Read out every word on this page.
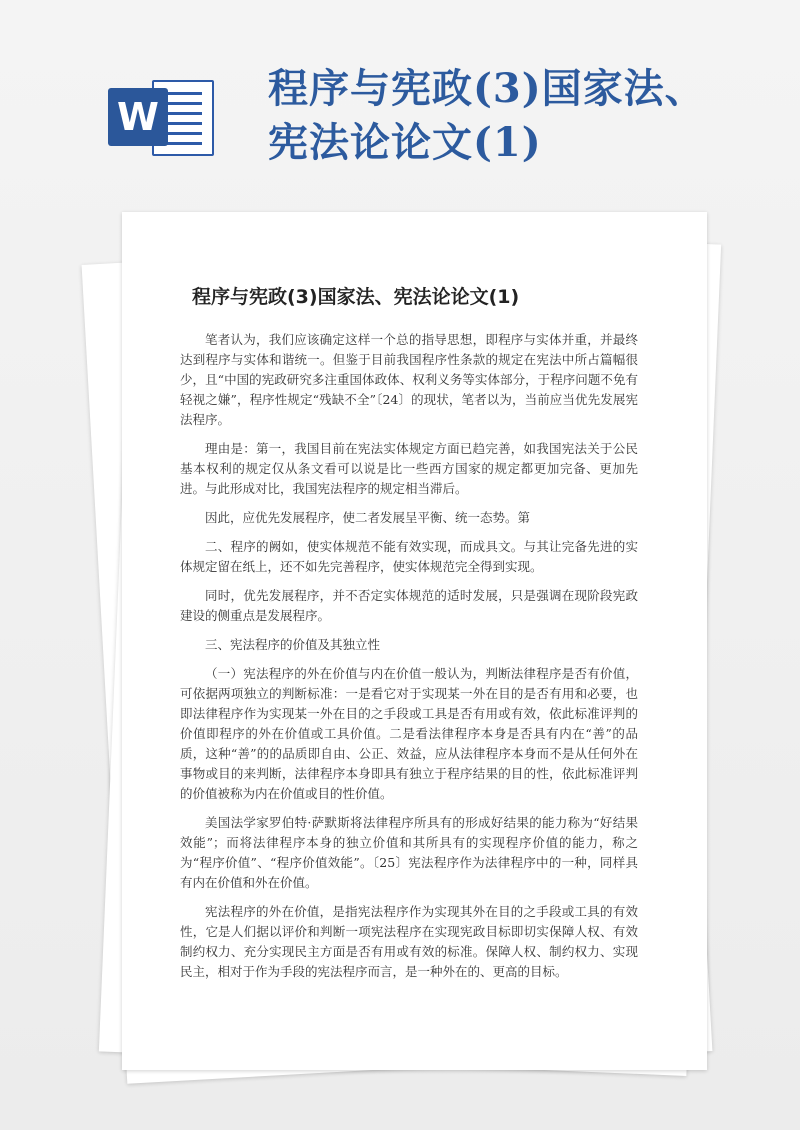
W
程序与宪政(3)国家法、宪法论论文(1)
程序与宪政(3)国家法、宪法论论文(1)

笔者认为，我们应该确定这样一个总的指导思想，即程序与实体并重，并最终达到程序与实体和谐统一。但鉴于目前我国程序性条款的规定在宪法中所占篇幅很少，且“中国的宪政研究多注重国体政体、权利义务等实体部分，于程序问题不免有轻视之嫌”，程序性规定“残缺不全”〔24〕的现状，笔者以为，当前应当优先发展宪法程序。

理由是：第一，我国目前在宪法实体规定方面已趋完善，如我国宪法关于公民基本权利的规定仅从条文看可以说是比一些西方国家的规定都更加完备、更加先进。与此形成对比，我国宪法程序的规定相当滞后。

因此，应优先发展程序，使二者发展呈平衡、统一态势。第

二、程序的阙如，使实体规范不能有效实现，而成具文。与其让完备先进的实体规定留在纸上，还不如先完善程序，使实体规范完全得到实现。

同时，优先发展程序，并不否定实体规范的适时发展，只是强调在现阶段宪政建设的侧重点是发展程序。

三、宪法程序的价值及其独立性

（一）宪法程序的外在价值与内在价值一般认为，判断法律程序是否有价值，可依据两项独立的判断标准：一是看它对于实现某一外在目的是否有用和必要，也即法律程序作为实现某一外在目的之手段或工具是否有用或有效，依此标准评判的价值即程序的外在价值或工具价值。二是看法律程序本身是否具有内在“善”的品质，这种“善”的的品质即自由、公正、效益，应从法律程序本身而不是从任何外在事物或目的来判断，法律程序本身即具有独立于程序结果的目的性，依此标准评判的价值被称为内在价值或目的性价值。

美国法学家罗伯特·萨默斯将法律程序所具有的形成好结果的能力称为“好结果效能”；而将法律程序本身的独立价值和其所具有的实现程序价值的能力，称之为“程序价值”、“程序价值效能”。〔25〕宪法程序作为法律程序中的一种，同样具有内在价值和外在价值。

宪法程序的外在价值，是指宪法程序作为实现其外在目的之手段或工具的有效性，它是人们据以评价和判断一项宪法程序在实现宪政目标即切实保障人权、有效制约权力、充分实现民主方面是否有用或有效的标准。保障人权、制约权力、实现民主，相对于作为手段的宪法程序而言，是一种外在的、更高的目标。
